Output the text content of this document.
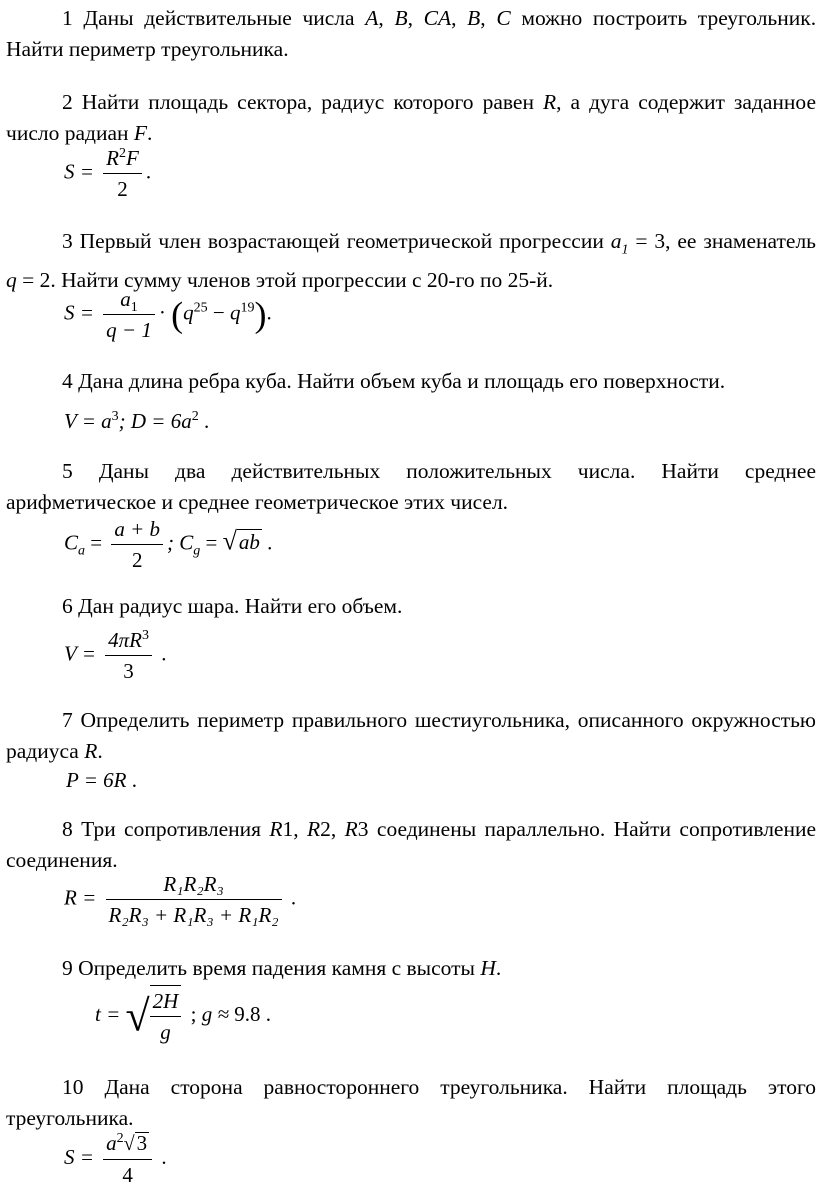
1 Даны действительные числа A, B, CA, B, C можно построить треугольник. Найти периметр треугольника.
2 Найти площадь сектора, радиус которого равен R, а дуга содержит заданное число радиан F.
$S = \frac{R^2F}{2}$ .
3 Первый член возрастающей геометрической прогрессии $a_1 = 3$, ее знаменатель q = 2. Найти сумму членов этой прогрессии с 20-го по 25-й.
$S = \frac{a_1}{q - 1} \cdot (q^{25} - q^{19})$.
4 Дана длина ребра куба. Найти объем куба и площадь его поверхности.
$V = a^3$; $D = 6a^2$ .
5 Даны два действительных положительных числа. Найти среднее арифметическое и среднее геометрическое этих чисел.
$C_a = \frac{a + b}{2}$ ; $C_g = √ab$ .
6 Дан радиус шара. Найти его объем.
$V = \frac{4\pi R^3}{3}$ .
7 Определить периметр правильного шестиугольника, описанного окружностью радиуса R.
P = 6R .
8 Три сопротивления R1, R2, R3 соединены параллельно. Найти сопротивление соединения.
$R = \frac{\text{R₁R₂R₃}}{\text{R₂R₃ + R₁R₃ + R₁R₂}}$ .
9 Определить время падения камня с высоты H.
t = √ $\frac{2H}{g}$ ; g ≈ 9.8 .
10 Дана сторона равностороннего треугольника. Найти площадь этого треугольника.
$S = \frac{a^2√3}{4}$ .
